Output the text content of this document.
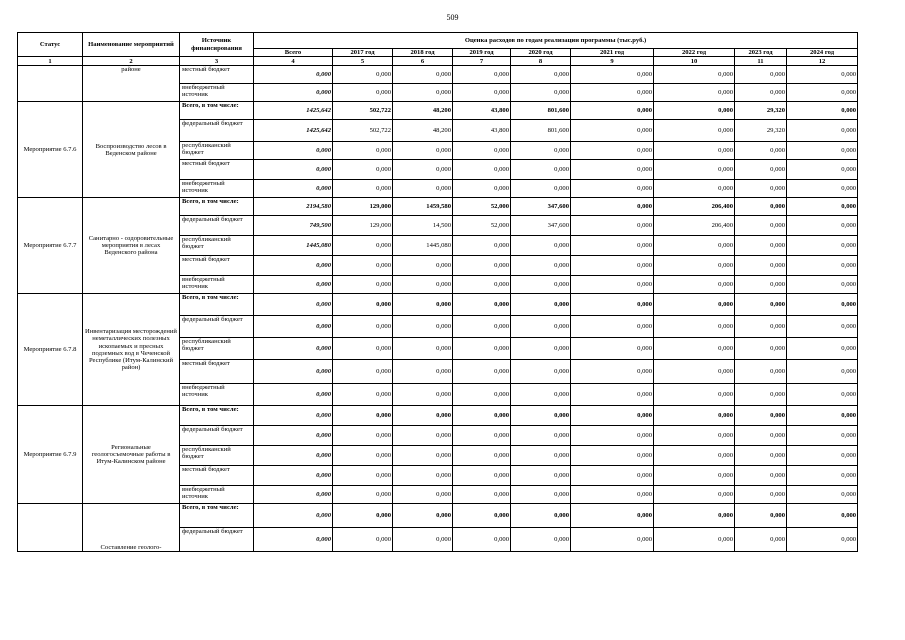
509
Статус	Наименование мероприятий	Источник финансирования	Оценка расходов по годам реализации программы (тыс.руб.)								
			Всего	2017 год	2018 год	2019 год	2020 год	2021 год	2022 год	2023 год	2024 год
1	2	3	4	5	6	7	8	9	10	11	12
	районе	местный бюджет	0,000	0,000	0,000	0,000	0,000	0,000	0,000	0,000	0,000
		внебюджетный источник	0,000	0,000	0,000	0,000	0,000	0,000	0,000	0,000	0,000
Мероприятие 6.7.6	Воспроизводство лесов в Веденском районе	Всего, в том числе:	1425,642	502,722	48,200	43,800	801,600	0,000	0,000	29,320	0,000
		федеральный бюджет	1425,642	502,722	48,200	43,800	801,600	0,000	0,000	29,320	0,000
		республиканский бюджет	0,000	0,000	0,000	0,000	0,000	0,000	0,000	0,000	0,000
		местный бюджет	0,000	0,000	0,000	0,000	0,000	0,000	0,000	0,000	0,000
		внебюджетный источник	0,000	0,000	0,000	0,000	0,000	0,000	0,000	0,000	0,000
Мероприятие 6.7.7	Санитарно - оздоровительные мероприятия в лесах Веденского района	Всего, в том числе:	2194,580	129,000	1459,580	52,000	347,600	0,000	206,400	0,000	0,000
		федеральный бюджет	749,500	129,000	14,500	52,000	347,600	0,000	206,400	0,000	0,000
		республиканский бюджет	1445,080	0,000	1445,080	0,000	0,000	0,000	0,000	0,000	0,000
		местный бюджет	0,000	0,000	0,000	0,000	0,000	0,000	0,000	0,000	0,000
		внебюджетный источник	0,000	0,000	0,000	0,000	0,000	0,000	0,000	0,000	0,000
Мероприятие 6.7.8	Инвентаризация месторождений неметаллических полезных ископаемых и пресных подземных вод в Чеченской Республике (Итум-Калинский район)	Всего, в том числе:	0,000	0,000	0,000	0,000	0,000	0,000	0,000	0,000	0,000
		федеральный бюджет	0,000	0,000	0,000	0,000	0,000	0,000	0,000	0,000	0,000
		республиканский бюджет	0,000	0,000	0,000	0,000	0,000	0,000	0,000	0,000	0,000
		местный бюджет	0,000	0,000	0,000	0,000	0,000	0,000	0,000	0,000	0,000
		внебюджетный источник	0,000	0,000	0,000	0,000	0,000	0,000	0,000	0,000	0,000
Мероприятие 6.7.9	Региональные геологосъемочные работы в Итум-Калинском районе	Всего, в том числе:	0,000	0,000	0,000	0,000	0,000	0,000	0,000	0,000	0,000
		федеральный бюджет	0,000	0,000	0,000	0,000	0,000	0,000	0,000	0,000	0,000
		республиканский бюджет	0,000	0,000	0,000	0,000	0,000	0,000	0,000	0,000	0,000
		местный бюджет	0,000	0,000	0,000	0,000	0,000	0,000	0,000	0,000	0,000
		внебюджетный источник	0,000	0,000	0,000	0,000	0,000	0,000	0,000	0,000	0,000
	Составление геолого-	Всего, в том числе:	0,000	0,000	0,000	0,000	0,000	0,000	0,000	0,000	0,000
		федеральный бюджет	0,000	0,000	0,000	0,000	0,000	0,000	0,000	0,000	0,000
